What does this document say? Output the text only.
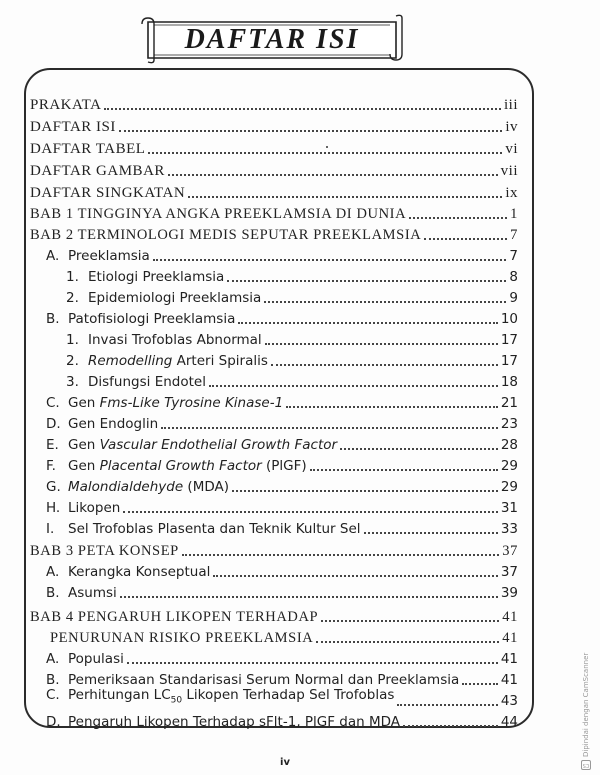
DAFTAR ISI
PRAKATA	iii
DAFTAR ISI	iv
DAFTAR TABEL	vi
DAFTAR GAMBAR	vii
DAFTAR SINGKATAN	ix
BAB 1 TINGGINYA ANGKA PREEKLAMSIA DI DUNIA	1
BAB 2 TERMINOLOGI MEDIS SEPUTAR PREEKLAMSIA	7
A. Preeklamsia	7
1. Etiologi Preeklamsia	8
2. Epidemiologi Preeklamsia	9
B. Patofisiologi Preeklamsia	10
1. Invasi Trofoblas Abnormal	17
2. Remodelling Arteri Spiralis	17
3. Disfungsi Endotel	18
C. Gen Fms-Like Tyrosine Kinase-1	21
D. Gen Endoglin	23
E. Gen Vascular Endothelial Growth Factor	28
F. Gen Placental Growth Factor (PlGF)	29
G. Malondialdehyde (MDA)	29
H. Likopen	31
I. Sel Trofoblas Plasenta dan Teknik Kultur Sel	33
BAB 3 PETA KONSEP	37
A. Kerangka Konseptual	37
B. Asumsi	39
BAB 4 PENGARUH LIKOPEN TERHADAP	41
PENURUNAN RISIKO PREEKLAMSIA	41
A. Populasi	41
B. Pemeriksaan Standarisasi Serum Normal dan Preeklamsia	41
C. Perhitungan $LC_{50}$ Likopen Terhadap Sel Trofoblas	43
D. Pengaruh Likopen Terhadap sFlt-1, PlGF dan MDA	44
iv	CS
Dipindai dengan CamScanner
